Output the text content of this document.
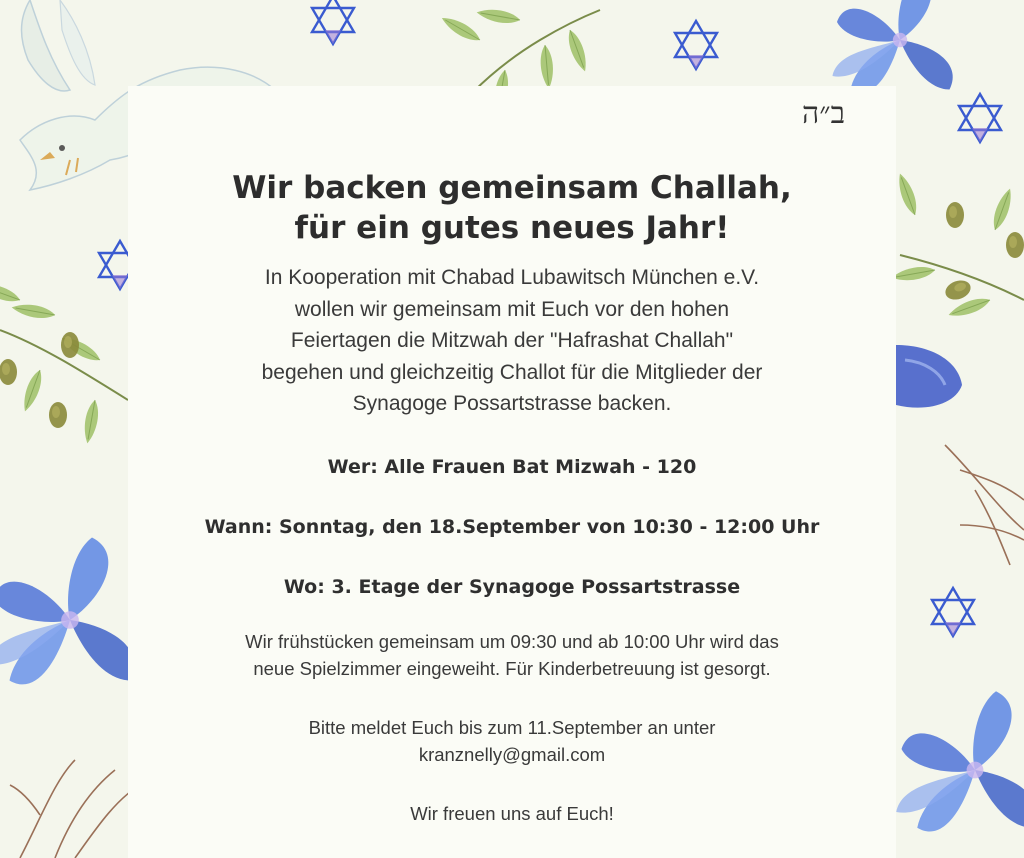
ב״ה
Wir backen gemeinsam Challah,
für ein gutes neues Jahr!

In Kooperation mit Chabad Lubawitsch München e.V.
wollen wir gemeinsam mit Euch vor den hohen
Feiertagen die Mitzwah der "Hafrashat Challah"
begehen und gleichzeitig Challot für die Mitglieder der
Synagoge Possartstrasse backen.

Wer: Alle Frauen Bat Mizwah - 120

Wann: Sonntag, den 18.September von 10:30 - 12:00 Uhr

Wo: 3. Etage der Synagoge Possartstrasse

Wir frühstücken gemeinsam um 09:30 und ab 10:00 Uhr wird das
neue Spielzimmer eingeweiht. Für Kinderbetreuung ist gesorgt.

Bitte meldet Euch bis zum 11.September an unter
kranznelly@gmail.com

Wir freuen uns auf Euch!
